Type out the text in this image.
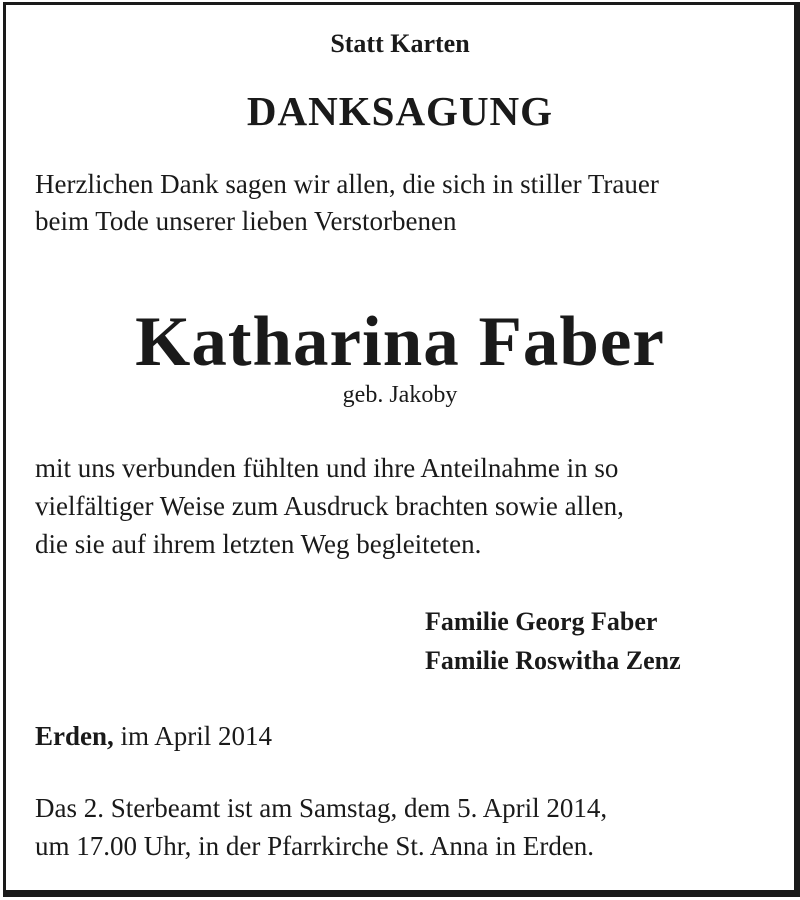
Statt Karten

DANKSAGUNG

Herzlichen Dank sagen wir allen, die sich in stiller Trauer

beim Tode unserer lieben Verstorbenen

Katharina Faber

geb. Jakoby

mit uns verbunden fühlten und ihre Anteilnahme in so

vielfältiger Weise zum Ausdruck brachten sowie allen,

die sie auf ihrem letzten Weg begleiteten.

Familie Georg Faber

Familie Roswitha Zenz

Erden, im April 2014

Das 2. Sterbeamt ist am Samstag, dem 5. April 2014,

um 17.00 Uhr, in der Pfarrkirche St. Anna in Erden.
